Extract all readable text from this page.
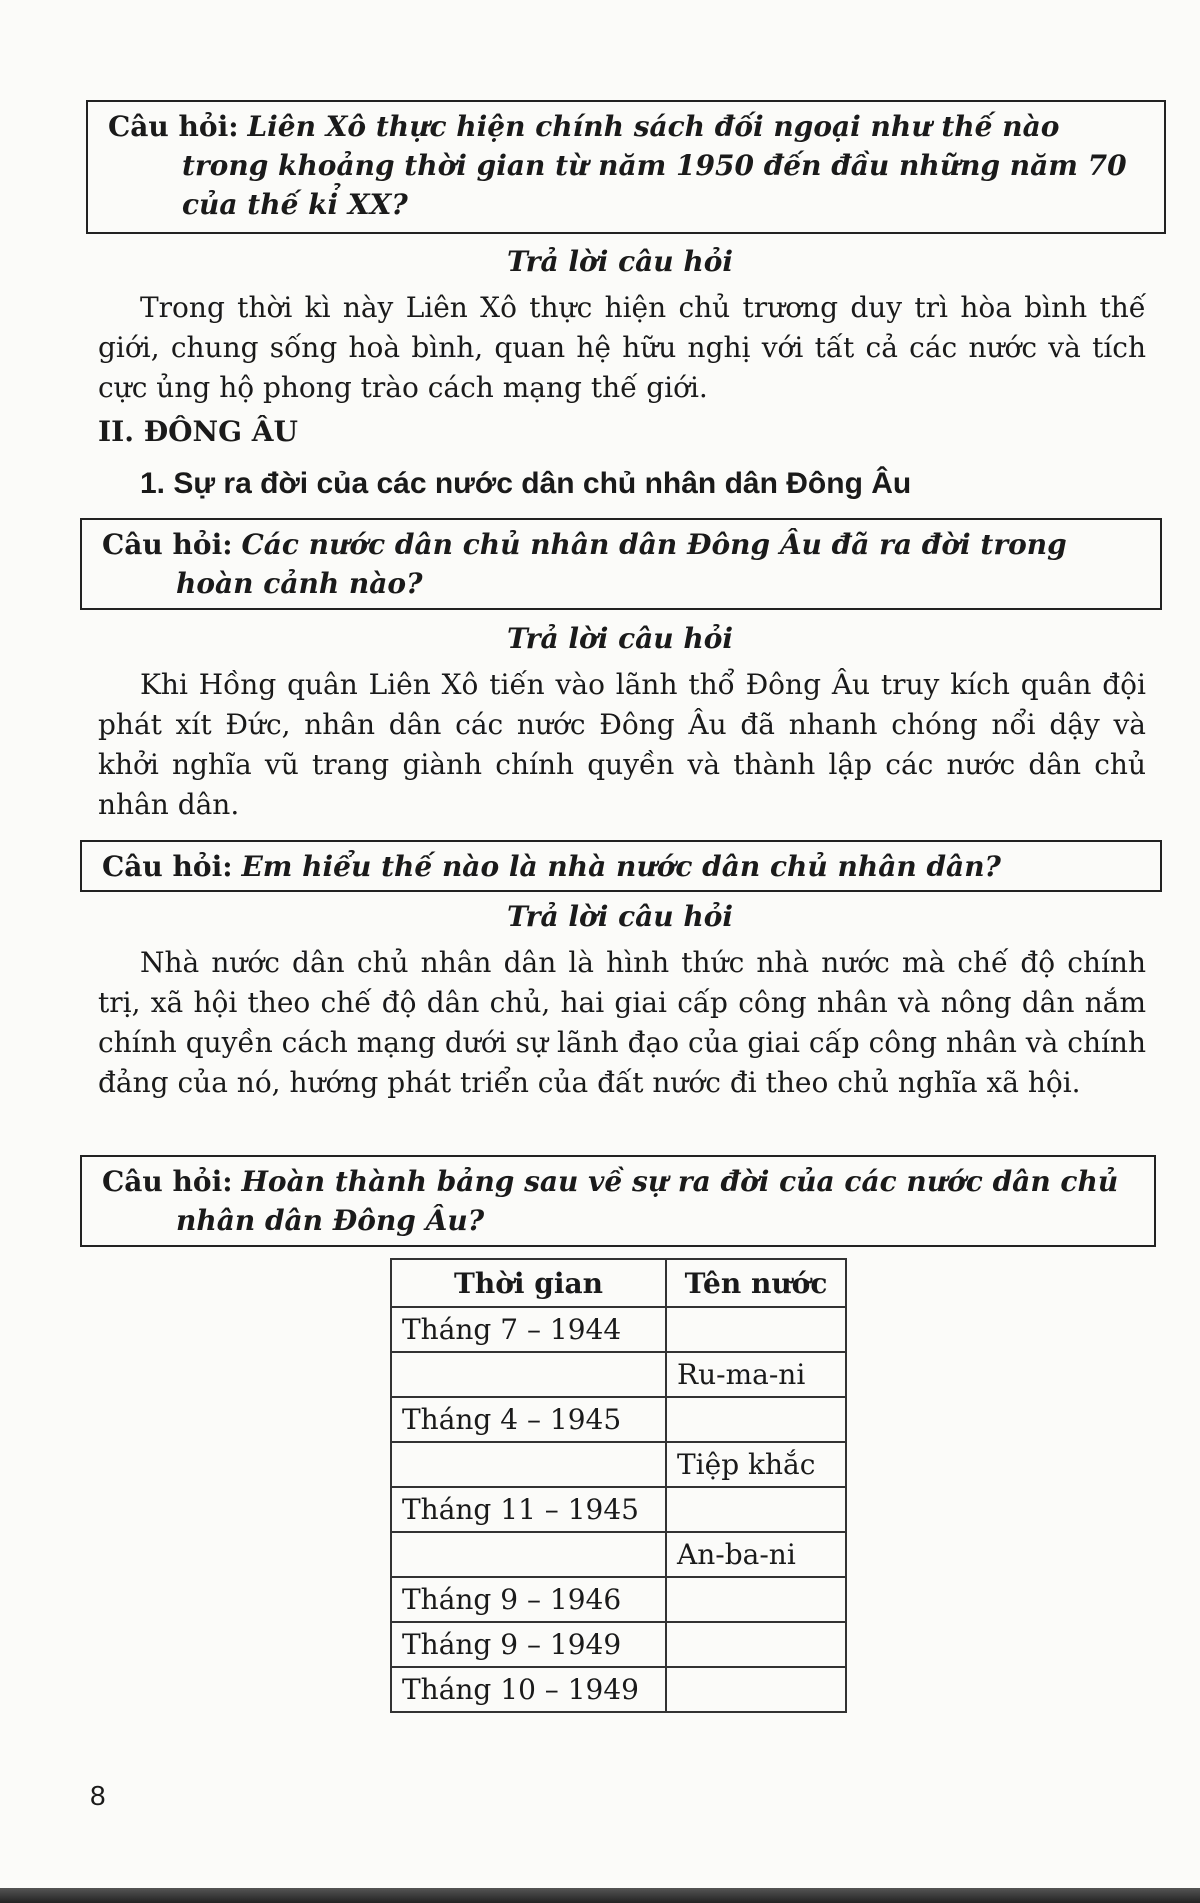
Câu hỏi: Liên Xô thực hiện chính sách đối ngoại như thế nào
trong khoảng thời gian từ năm 1950 đến đầu những năm 70
của thế kỉ XX?
Trả lời câu hỏi
Trong thời kì này Liên Xô thực hiện chủ trương duy trì hòa bình thế giới, chung sống hoà bình, quan hệ hữu nghị với tất cả các nước và tích cực ủng hộ phong trào cách mạng thế giới.
II. ĐÔNG ÂU
1. Sự ra đời của các nước dân chủ nhân dân Đông Âu
Câu hỏi: Các nước dân chủ nhân dân Đông Âu đã ra đời trong
hoàn cảnh nào?
Trả lời câu hỏi
Khi Hồng quân Liên Xô tiến vào lãnh thổ Đông Âu truy kích quân đội phát xít Đức, nhân dân các nước Đông Âu đã nhanh chóng nổi dậy và khởi nghĩa vũ trang giành chính quyền và thành lập các nước dân chủ nhân dân.
Câu hỏi: Em hiểu thế nào là nhà nước dân chủ nhân dân?
Trả lời câu hỏi
Nhà nước dân chủ nhân dân là hình thức nhà nước mà chế độ chính trị, xã hội theo chế độ dân chủ, hai giai cấp công nhân và nông dân nắm chính quyền cách mạng dưới sự lãnh đạo của giai cấp công nhân và chính đảng của nó, hướng phát triển của đất nước đi theo chủ nghĩa xã hội.
Câu hỏi: Hoàn thành bảng sau về sự ra đời của các nước dân chủ
nhân dân Đông Âu?
Thời gian	Tên nước
Tháng 7 – 1944	
	Ru-ma-ni
Tháng 4 – 1945	
	Tiệp khắc
Tháng 11 – 1945	
	An-ba-ni
Tháng 9 – 1946	
Tháng 9 – 1949	
Tháng 10 – 1949	
8
